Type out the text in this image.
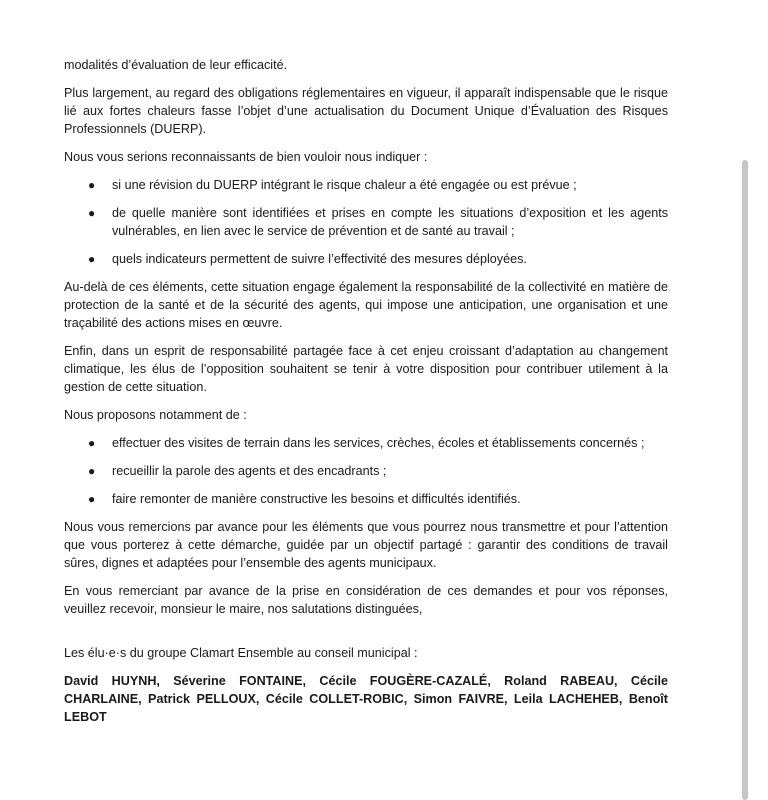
modalités d’évaluation de leur efficacité.

Plus largement, au regard des obligations réglementaires en vigueur, il apparaît indispensable que le risque lié aux fortes chaleurs fasse l’objet d’une actualisation du Document Unique d’Évaluation des Risques Professionnels (DUERP).

Nous vous serions reconnaissants de bien vouloir nous indiquer :

● si une révision du DUERP intégrant le risque chaleur a été engagée ou est prévue ;
● de quelle manière sont identifiées et prises en compte les situations d’exposition et les agents vulnérables, en lien avec le service de prévention et de santé au travail ;
● quels indicateurs permettent de suivre l’effectivité des mesures déployées.

Au-delà de ces éléments, cette situation engage également la responsabilité de la collectivité en matière de protection de la santé et de la sécurité des agents, qui impose une anticipation, une organisation et une traçabilité des actions mises en œuvre.

Enfin, dans un esprit de responsabilité partagée face à cet enjeu croissant d’adaptation au changement climatique, les élus de l’opposition souhaitent se tenir à votre disposition pour contribuer utilement à la gestion de cette situation.

Nous proposons notamment de :

● effectuer des visites de terrain dans les services, crèches, écoles et établissements concernés ;
● recueillir la parole des agents et des encadrants ;
● faire remonter de manière constructive les besoins et difficultés identifiés.

Nous vous remercions par avance pour les éléments que vous pourrez nous transmettre et pour l’attention que vous porterez à cette démarche, guidée par un objectif partagé : garantir des conditions de travail sûres, dignes et adaptées pour l’ensemble des agents municipaux.

En vous remerciant par avance de la prise en considération de ces demandes et pour vos réponses, veuillez recevoir, monsieur le maire, nos salutations distinguées,

Les élu·e·s du groupe Clamart Ensemble au conseil municipal :

David HUYNH, Séverine FONTAINE, Cécile FOUGÈRE-CAZALÉ, Roland RABEAU, Cécile CHARLAINE, Patrick PELLOUX, Cécile COLLET-ROBIC, Simon FAIVRE, Leila LACHEHEB, Benoît LEBOT
